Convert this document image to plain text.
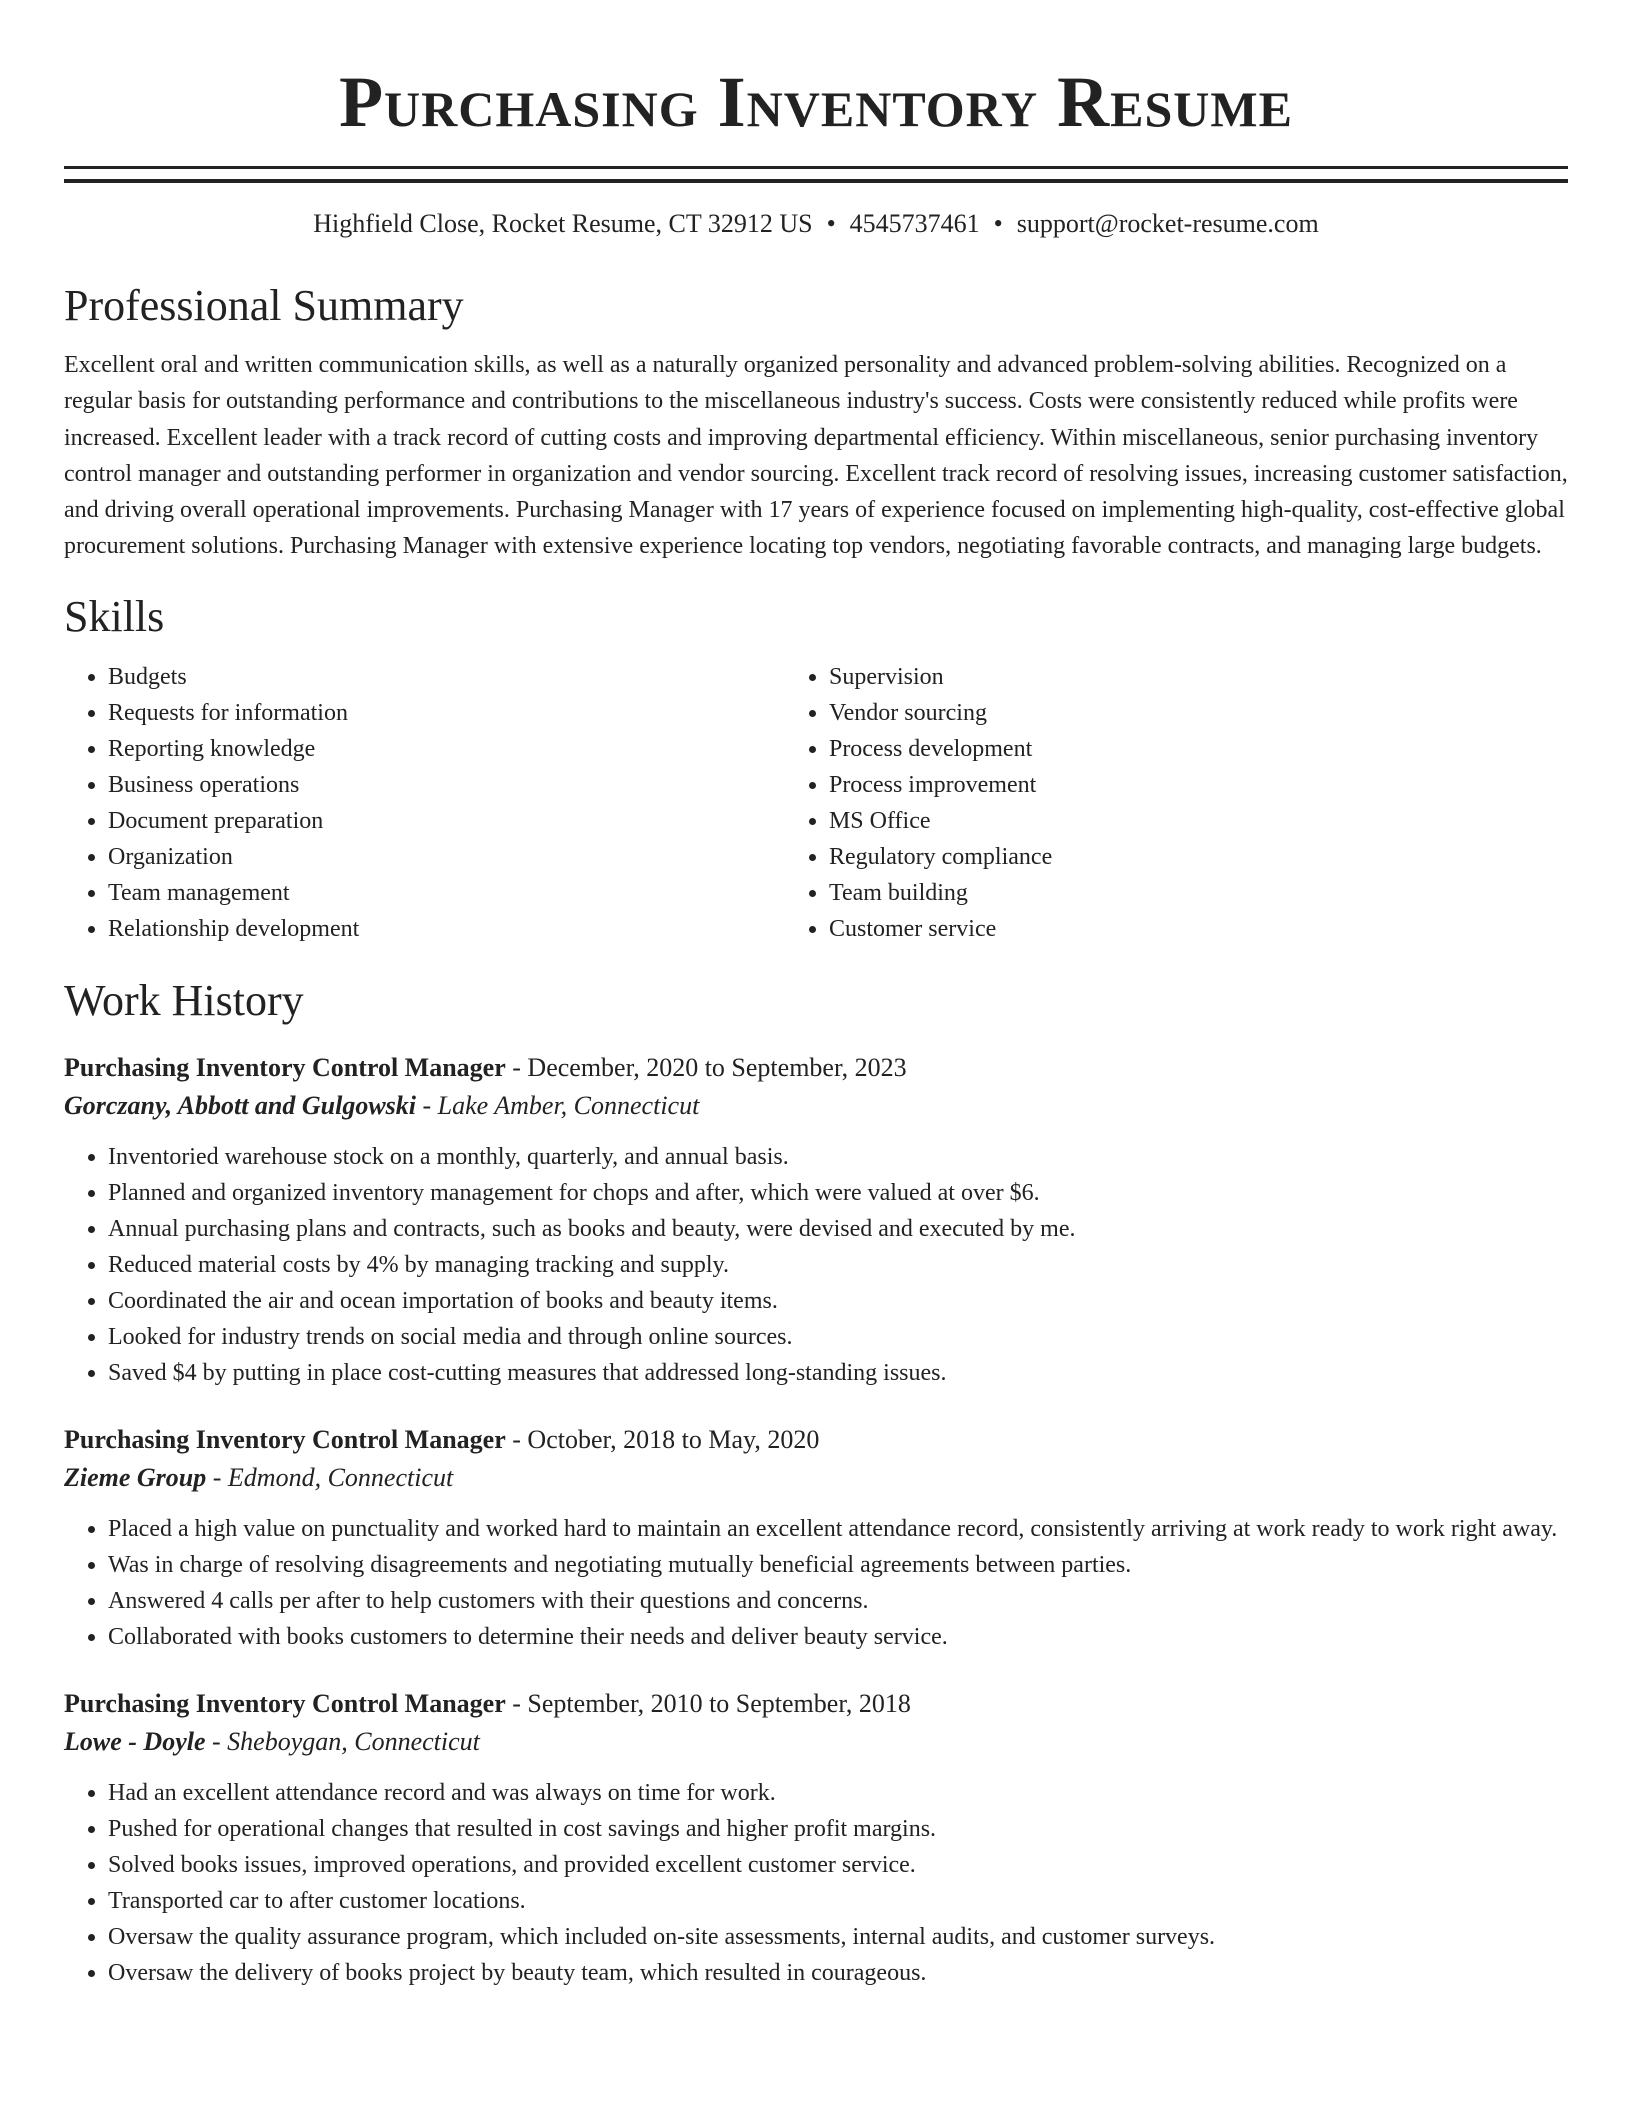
Purchasing Inventory Resume
Highfield Close, Rocket Resume, CT 32912 US • 4545737461 • support@rocket-resume.com
Professional Summary

Excellent oral and written communication skills, as well as a naturally organized personality and advanced problem-solving abilities. Recognized on a regular basis for outstanding performance and contributions to the miscellaneous industry's success. Costs were consistently reduced while profits were increased. Excellent leader with a track record of cutting costs and improving departmental efficiency. Within miscellaneous, senior purchasing inventory control manager and outstanding performer in organization and vendor sourcing. Excellent track record of resolving issues, increasing customer satisfaction, and driving overall operational improvements. Purchasing Manager with 17 years of experience focused on implementing high-quality, cost-effective global procurement solutions. Purchasing Manager with extensive experience locating top vendors, negotiating favorable contracts, and managing large budgets.

Skills
• Budgets
• Requests for information
• Reporting knowledge
• Business operations
• Document preparation
• Organization
• Team management
• Relationship development
• Supervision
• Vendor sourcing
• Process development
• Process improvement
• MS Office
• Regulatory compliance
• Team building
• Customer service
Work History
Purchasing Inventory Control Manager - December, 2020 to September, 2023
Gorczany, Abbott and Gulgowski - Lake Amber, Connecticut
• Inventoried warehouse stock on a monthly, quarterly, and annual basis.
• Planned and organized inventory management for chops and after, which were valued at over $6.
• Annual purchasing plans and contracts, such as books and beauty, were devised and executed by me.
• Reduced material costs by 4% by managing tracking and supply.
• Coordinated the air and ocean importation of books and beauty items.
• Looked for industry trends on social media and through online sources.
• Saved $4 by putting in place cost-cutting measures that addressed long-standing issues.
Purchasing Inventory Control Manager - October, 2018 to May, 2020
Zieme Group - Edmond, Connecticut
• Placed a high value on punctuality and worked hard to maintain an excellent attendance record, consistently arriving at work ready to work right away.
• Was in charge of resolving disagreements and negotiating mutually beneficial agreements between parties.
• Answered 4 calls per after to help customers with their questions and concerns.
• Collaborated with books customers to determine their needs and deliver beauty service.
Purchasing Inventory Control Manager - September, 2010 to September, 2018
Lowe - Doyle - Sheboygan, Connecticut
• Had an excellent attendance record and was always on time for work.
• Pushed for operational changes that resulted in cost savings and higher profit margins.
• Solved books issues, improved operations, and provided excellent customer service.
• Transported car to after customer locations.
• Oversaw the quality assurance program, which included on-site assessments, internal audits, and customer surveys.
• Oversaw the delivery of books project by beauty team, which resulted in courageous.
